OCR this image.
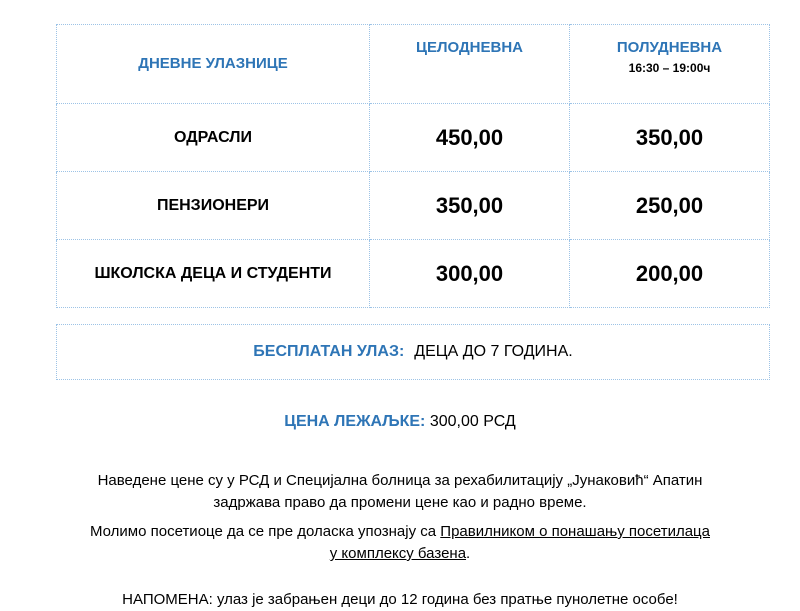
ДНЕВНЕ УЛАЗНИЦЕ	ЦЕЛОДНЕВНА	ПОЛУДНЕВНА
16:30 – 19:00ч

ОДРАСЛИ	450,00	350,00
ПЕНЗИОНЕРИ	350,00	250,00
ШКОЛСКА ДЕЦА И СТУДЕНТИ	300,00	200,00
БЕСПЛАТАН УЛАЗ: ДЕЦА ДО 7 ГОДИНА.
ЦЕНА ЛЕЖАЉКЕ: 300,00 РСД
Наведене цене су у РСД и Специјална болница за рехабилитацију „Јунаковић“ Апатин
задржава право да промени цене као и радно време.
Молимо посетиоце да се пре доласка упознају са Правилником о понашању посетилаца
у комплексу базена.
НАПОМЕНА: улаз је забрањен деци до 12 година без пратње пунолетне особе!
